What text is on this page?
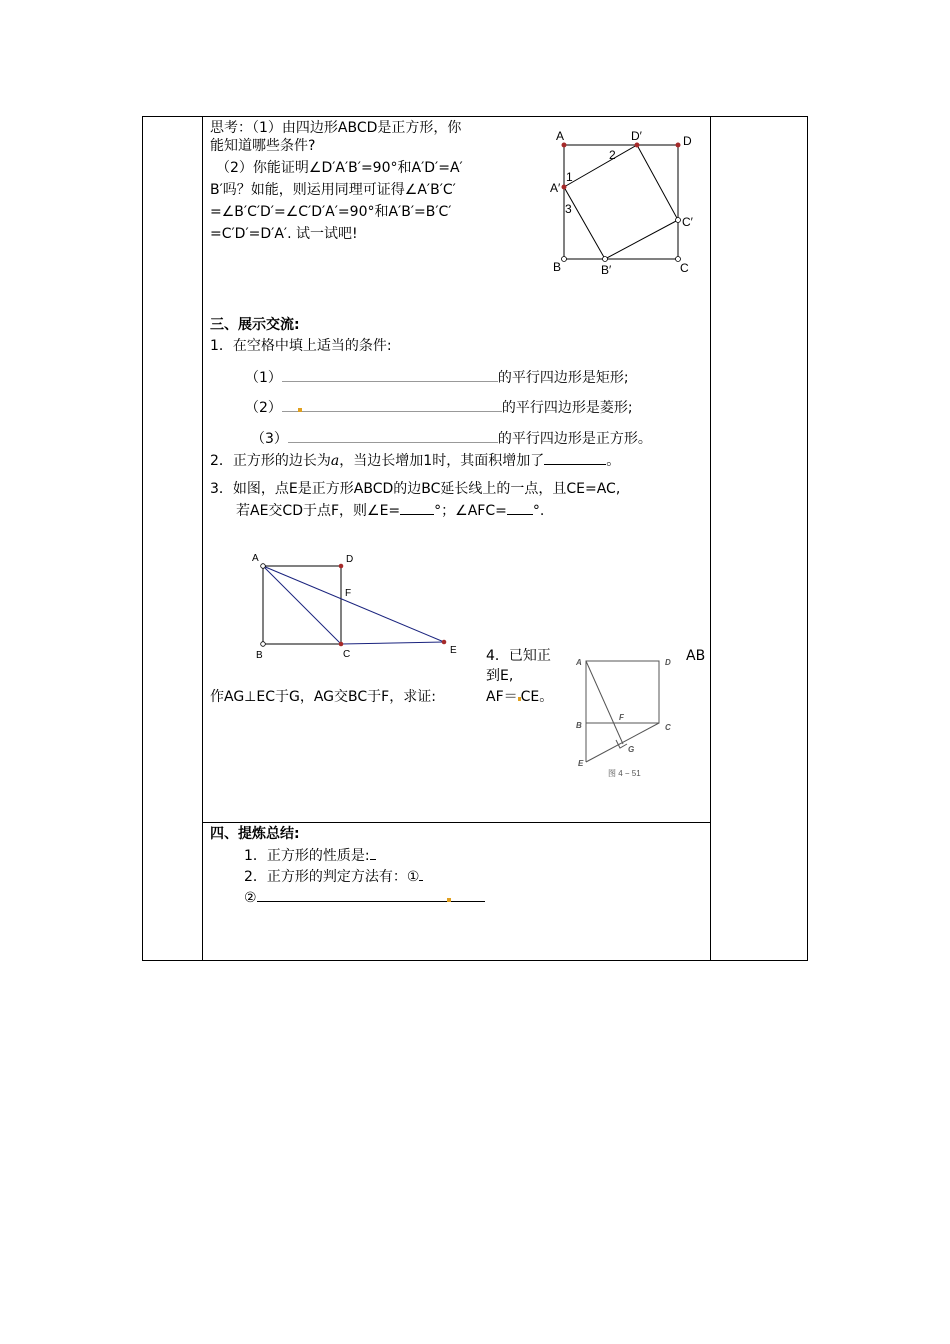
思考：（1）由四边形ABCD是正方形，你
能知道哪些条件?
（2）你能证明∠D′A′B′=90°和A′D′=A′
B′吗？如能，则运用同理可证得∠A′B′C′
=∠B′C′D′=∠C′D′A′=90°和A′B′=B′C′
=C′D′=D′A′. 试一试吧!
A	D′	D
2
1
A′
3
C′
B	B′	C
三、展示交流:
1．在空格中填上适当的条件:
（1）	的平行四边形是矩形;
（2）	的平行四边形是菱形;
（3）	的平行四边形是正方形。
2．正方形的边长为a，当边长增加1时，其面积增加了	。
3．如图，点E是正方形ABCD的边BC延长线上的一点，且CE=AC,
若AE交CD于点F，则∠E= °；∠AFC= °.
A	D
F
B	C	E 4．已知正	AB
到E,
作AG⊥EC于G，AG交BC于F，求证:	AF＝ CE。
A	D
F
B	C
G
E
图 4 − 51
四、提炼总结:
1．正方形的性质是:
2．正方形的判定方法有：①
②
